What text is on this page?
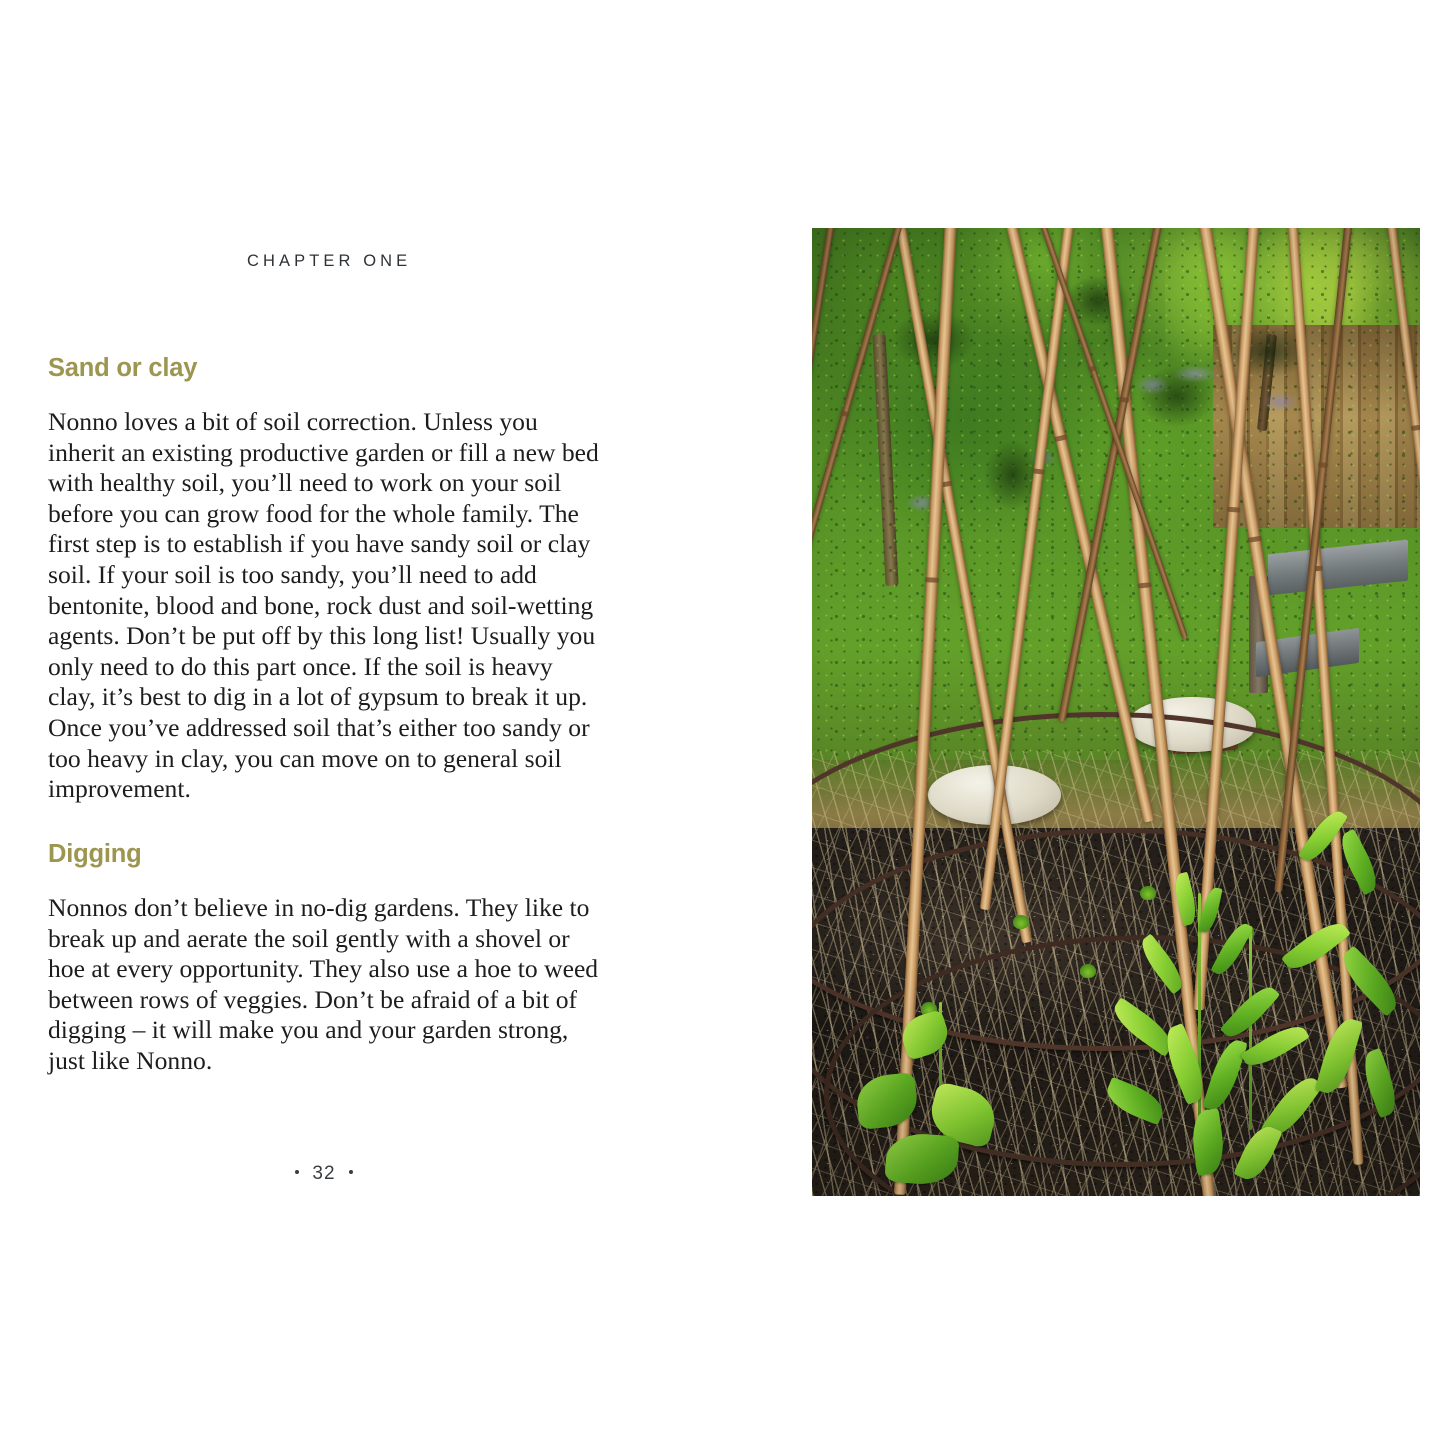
CHAPTER ONE
Sand or clay
Nonno loves a bit of soil correction. Unless you inherit an existing productive garden or fill a new bed with healthy soil, you’ll need to work on your soil before you can grow food for the whole family. The first step is to establish if you have sandy soil or clay soil. If your soil is too sandy, you’ll need to add bentonite, blood and bone, rock dust and soil-wetting agents. Don’t be put off by this long list! Usually you only need to do this part once. If the soil is heavy clay, it’s best to dig in a lot of gypsum to break it up. Once you’ve addressed soil that’s either too sandy or too heavy in clay, you can move on to general soil improvement.
Digging
Nonnos don’t believe in no-dig gardens. They like to break up and aerate the soil gently with a shovel or hoe at every opportunity. They also use a hoe to weed between rows of veggies. Don’t be afraid of a bit of digging – it will make you and your garden strong, just like Nonno.
32
